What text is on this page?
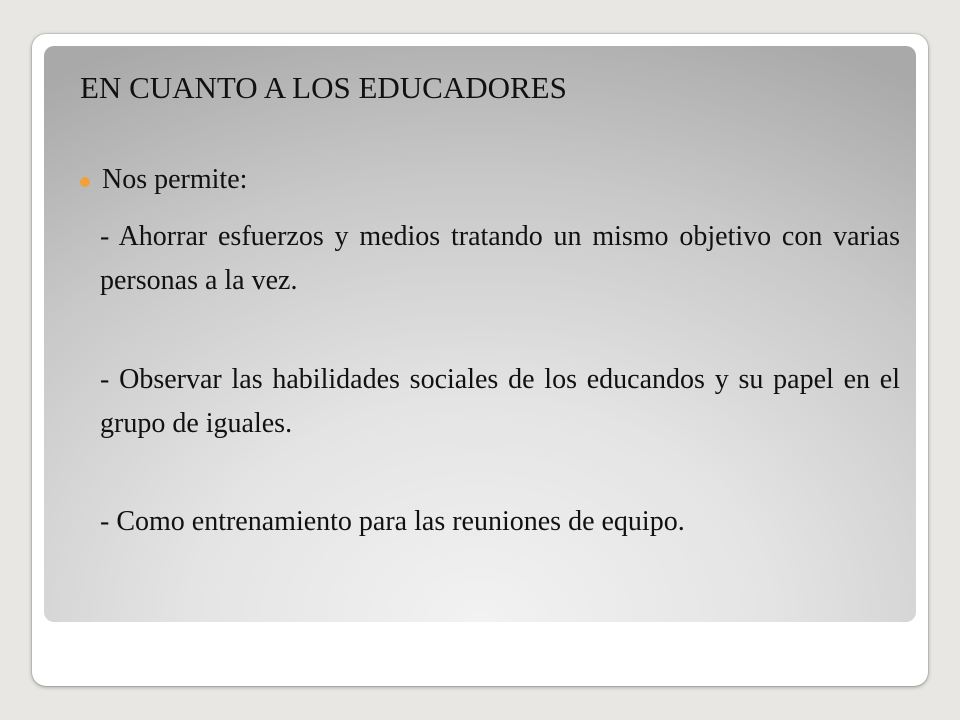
EN CUANTO A LOS EDUCADORES
Nos permite:
- Ahorrar esfuerzos y medios tratando un mismo objetivo con varias personas a la vez.
- Observar las habilidades sociales de los educandos y su papel en el grupo de iguales.
- Como entrenamiento para las reuniones de equipo.
